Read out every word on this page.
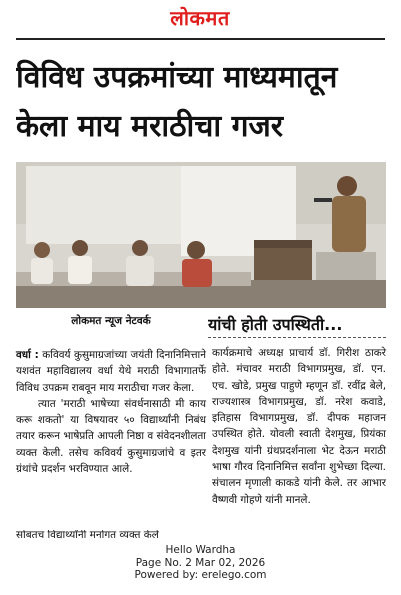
लोकमत
विविध उपक्रमांच्या माध्यमातून
केला माय मराठीचा गजर
लोकमत न्यूज नेटवर्क

वर्धा : कविवर्य कुसुमाग्रजांच्या जयंती दिनानिमित्ताने यशवंत महाविद्यालय वर्धा येथे मराठी विभागातर्फे विविध उपक्रम राबवून माय मराठीचा गजर केला.

त्यात 'मराठी भाषेच्या संवर्धनासाठी मी काय करू शकतो' या विषयावर ५० विद्यार्थ्यांनी निबंध तयार करून भाषेप्रति आपली निष्ठा व संवेदनशीलता व्यक्त केली. तसेच कविवर्य कुसुमाग्रजांचे व इतर ग्रंथांचे प्रदर्शन भरविण्यात आले.

सोबतच विद्यार्थ्यांनी मनोगत व्यक्त केले
यांची होती उपस्थिती...
कार्यक्रमाचे अध्यक्ष प्राचार्य डॉ. गिरीश ठाकरे होते. मंचावर मराठी विभागप्रमुख, डॉ. एन. एच. खोडे, प्रमुख पाहुणे म्हणून डॉ. रवींद्र बेले, राज्यशास्त्र विभागप्रमुख, डॉ. नरेश कवाडे, इतिहास विभागप्रमुख, डॉ. दीपक महाजन उपस्थित होते. योवली स्वाती देशमुख, प्रियंका देशमुख यांनी ग्रंथप्रदर्शनाला भेट देऊन मराठी भाषा गौरव दिनानिमित्त सर्वांना शुभेच्छा दिल्या. संचालन मृणाली काकडे यांनी केले. तर आभार वैष्णवी गोहणे यांनी मानले.
Hello Wardha
Page No. 2 Mar 02, 2026
Powered by: erelego.com
